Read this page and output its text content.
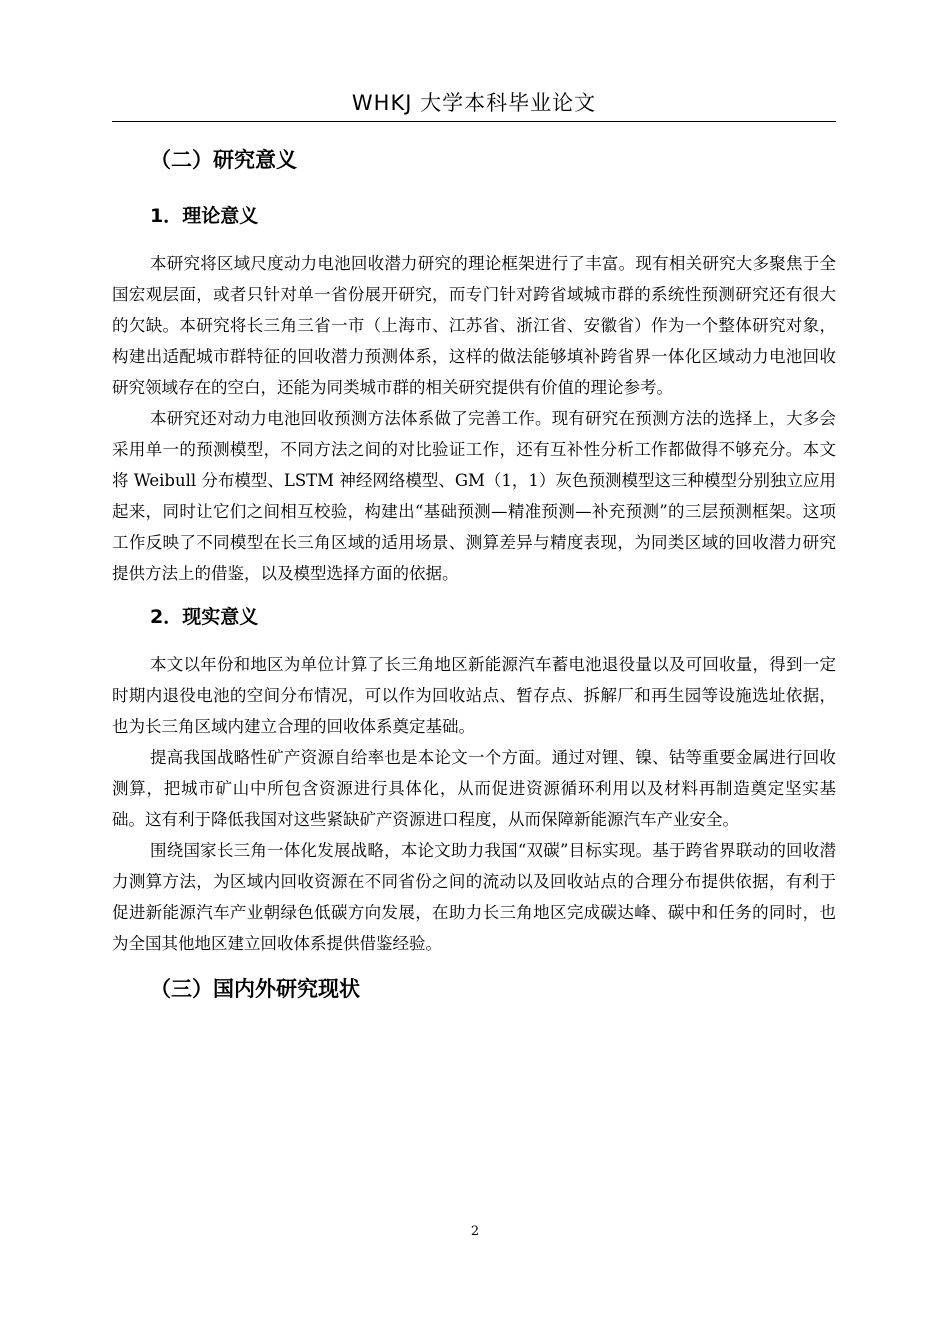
WHKJ 大学本科毕业论文
（二）研究意义
1．理论意义

本研究将区域尺度动力电池回收潜力研究的理论框架进行了丰富。现有相关研究大多聚焦于全国宏观层面，或者只针对单一省份展开研究，而专门针对跨省域城市群的系统性预测研究还有很大的欠缺。本研究将长三角三省一市（上海市、江苏省、浙江省、安徽省）作为一个整体研究对象，构建出适配城市群特征的回收潜力预测体系，这样的做法能够填补跨省界一体化区域动力电池回收研究领域存在的空白，还能为同类城市群的相关研究提供有价值的理论参考。

本研究还对动力电池回收预测方法体系做了完善工作。现有研究在预测方法的选择上，大多会采用单一的预测模型，不同方法之间的对比验证工作，还有互补性分析工作都做得不够充分。本文将 Weibull 分布模型、LSTM 神经网络模型、GM（1，1）灰色预测模型这三种模型分别独立应用起来，同时让它们之间相互校验，构建出“基础预测—精准预测—补充预测”的三层预测框架。这项工作反映了不同模型在长三角区域的适用场景、测算差异与精度表现，为同类区域的回收潜力研究提供方法上的借鉴，以及模型选择方面的依据。

2．现实意义

本文以年份和地区为单位计算了长三角地区新能源汽车蓄电池退役量以及可回收量，得到一定时期内退役电池的空间分布情况，可以作为回收站点、暂存点、拆解厂和再生园等设施选址依据，也为长三角区域内建立合理的回收体系奠定基础。

提高我国战略性矿产资源自给率也是本论文一个方面。通过对锂、镍、钴等重要金属进行回收测算，把城市矿山中所包含资源进行具体化，从而促进资源循环利用以及材料再制造奠定坚实基础。这有利于降低我国对这些紧缺矿产资源进口程度，从而保障新能源汽车产业安全。

围绕国家长三角一体化发展战略，本论文助力我国“双碳”目标实现。基于跨省界联动的回收潜力测算方法，为区域内回收资源在不同省份之间的流动以及回收站点的合理分布提供依据，有利于促进新能源汽车产业朝绿色低碳方向发展，在助力长三角地区完成碳达峰、碳中和任务的同时，也为全国其他地区建立回收体系提供借鉴经验。

（三）国内外研究现状
2
